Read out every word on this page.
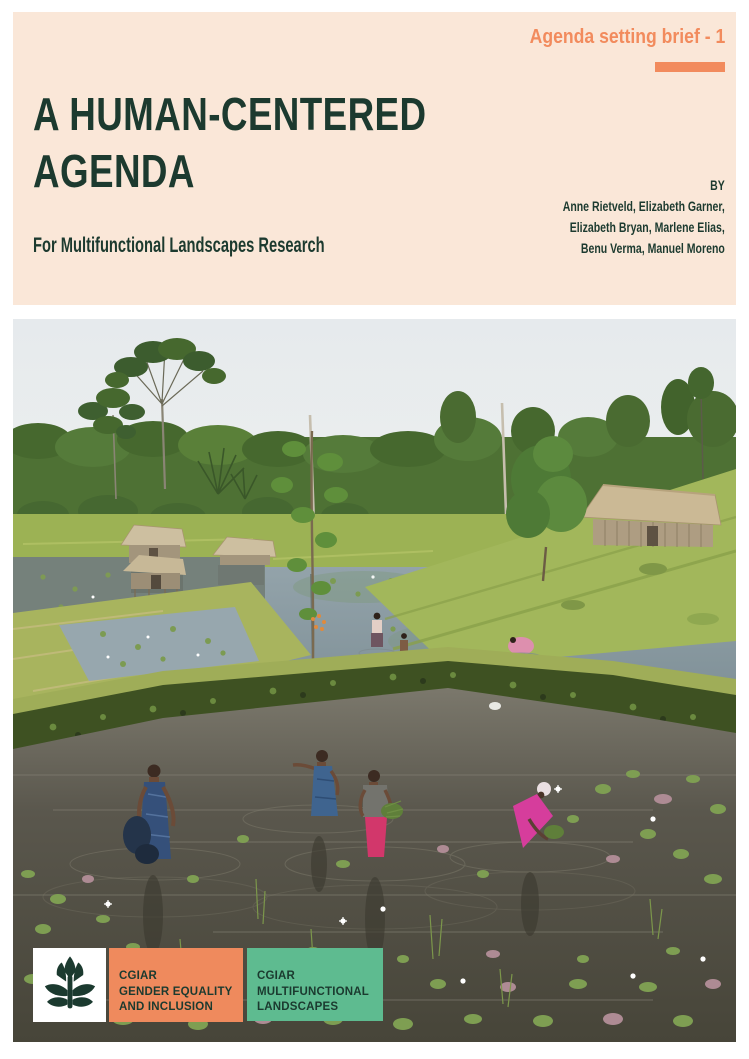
Agenda setting brief - 1
A HUMAN-CENTERED
AGENDA
For Multifunctional Landscapes Research
BY
Anne Rietveld, Elizabeth Garner,
Elizabeth Bryan, Marlene Elias,
Benu Verma, Manuel Moreno
CGIAR
GENDER EQUALITY
AND INCLUSION
CGIAR
MULTIFUNCTIONAL
LANDSCAPES
